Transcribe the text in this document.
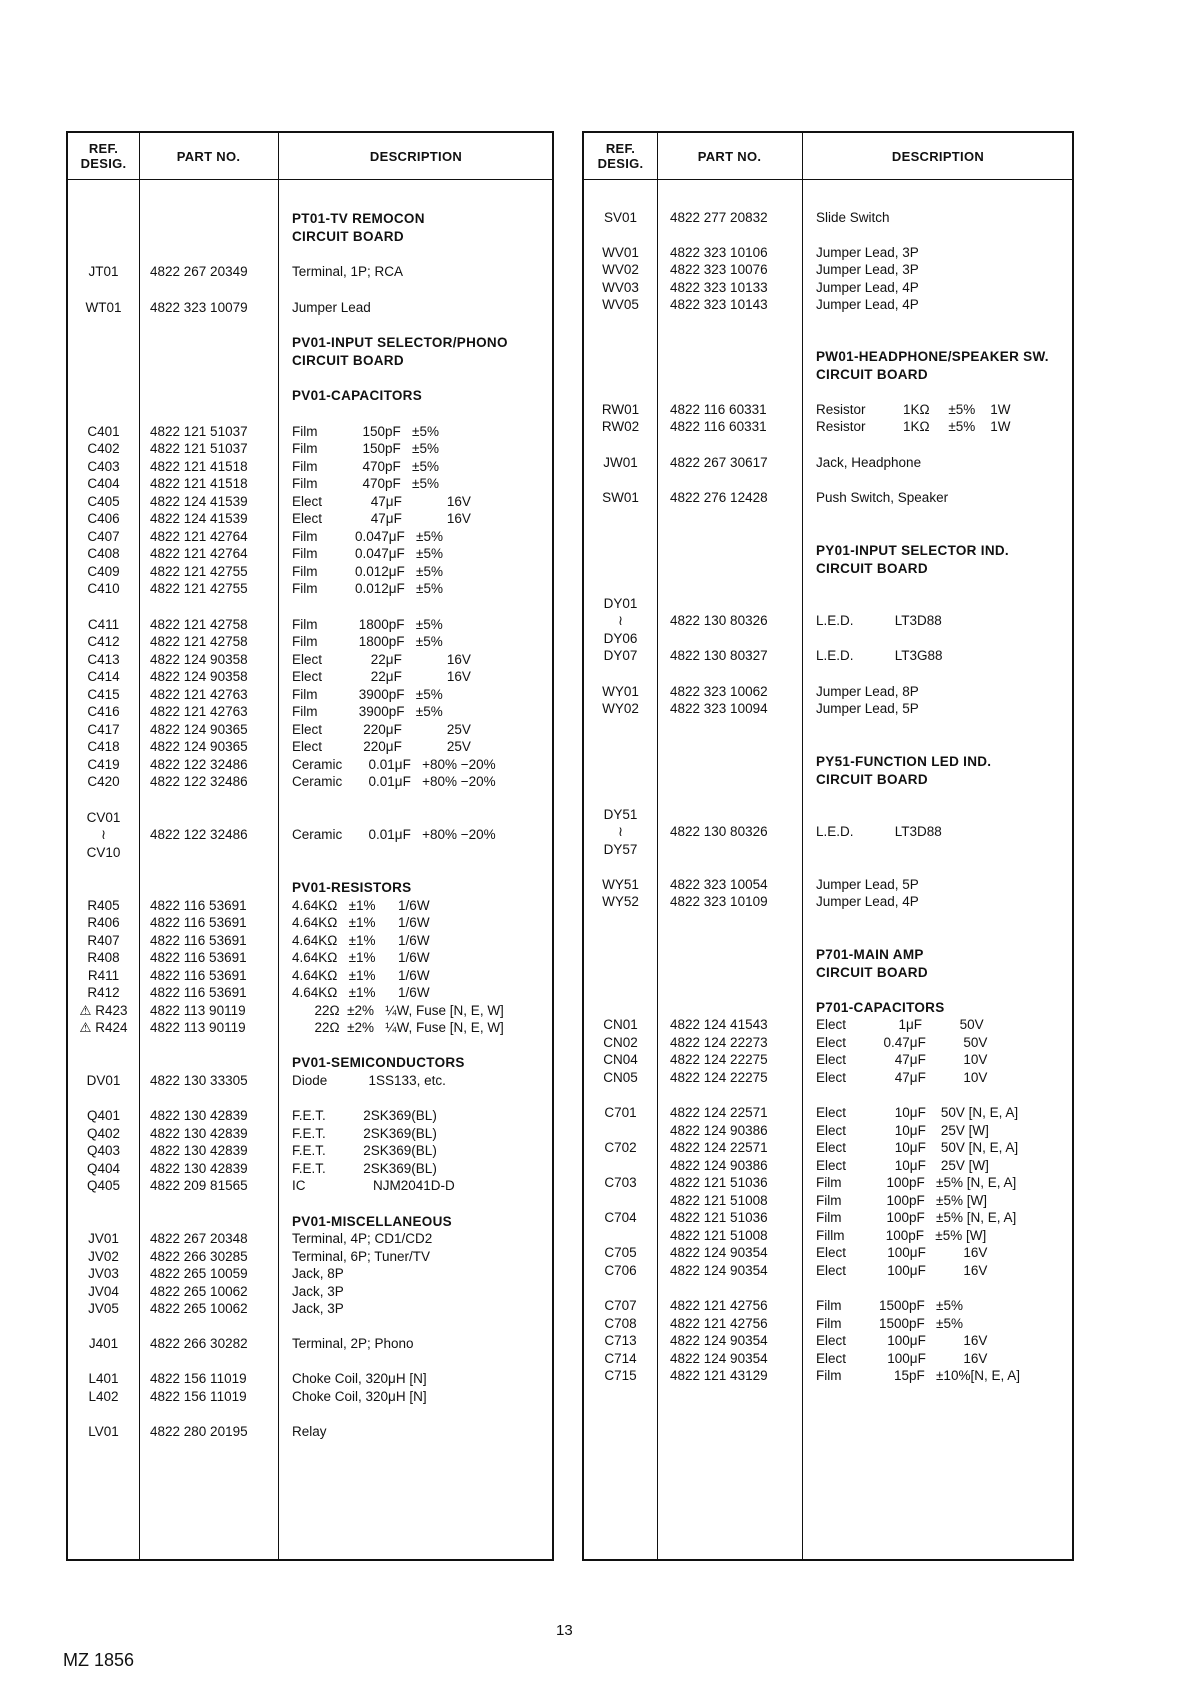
REF.
DESIG.	PART NO.	DESCRIPTION
PT01-TV REMOCON
CIRCUIT BOARD
JT01	4822 267 20349	Terminal, 1P; RCA
WT01	4822 323 10079	Jumper Lead
PV01-INPUT SELECTOR/PHONO
CIRCUIT BOARD
PV01-CAPACITORS
C401	4822 121 51037	Film            150pF   ±5%
C402	4822 121 51037	Film            150pF   ±5%
C403	4822 121 41518	Film            470pF   ±5%
C404	4822 121 41518	Film            470pF   ±5%
C405	4822 124 41539	Elect             47μF            16V
C406	4822 124 41539	Elect             47μF            16V
C407	4822 121 42764	Film          0.047μF   ±5%
C408	4822 121 42764	Film          0.047μF   ±5%
C409	4822 121 42755	Film          0.012μF   ±5%
C410	4822 121 42755	Film          0.012μF   ±5%
C411	4822 121 42758	Film           1800pF   ±5%
C412	4822 121 42758	Film           1800pF   ±5%
C413	4822 124 90358	Elect             22μF            16V
C414	4822 124 90358	Elect             22μF            16V
C415	4822 121 42763	Film           3900pF   ±5%
C416	4822 121 42763	Film           3900pF   ±5%
C417	4822 124 90365	Elect           220μF            25V
C418	4822 124 90365	Elect           220μF            25V
C419	4822 122 32486	Ceramic       0.01μF   +80% −20%
C420	4822 122 32486	Ceramic       0.01μF   +80% −20%
CV01
≀	4822 122 32486	Ceramic       0.01μF   +80% −20%
CV10
PV01-RESISTORS
R405	4822 116 53691	4.64KΩ   ±1%      1/6W
R406	4822 116 53691	4.64KΩ   ±1%      1/6W
R407	4822 116 53691	4.64KΩ   ±1%      1/6W
R408	4822 116 53691	4.64KΩ   ±1%      1/6W
R411	4822 116 53691	4.64KΩ   ±1%      1/6W
R412	4822 116 53691	4.64KΩ   ±1%      1/6W
⚠ R423	4822 113 90119	22Ω  ±2%   ¼W, Fuse [N, E, W]
⚠ R424	4822 113 90119	22Ω  ±2%   ¼W, Fuse [N, E, W]
PV01-SEMICONDUCTORS
DV01	4822 130 33305	Diode           1SS133, etc.
Q401	4822 130 42839	F.E.T.          2SK369(BL)
Q402	4822 130 42839	F.E.T.          2SK369(BL)
Q403	4822 130 42839	F.E.T.          2SK369(BL)
Q404	4822 130 42839	F.E.T.          2SK369(BL)
Q405	4822 209 81565	IC                  NJM2041D-D
PV01-MISCELLANEOUS
JV01	4822 267 20348	Terminal, 4P; CD1/CD2
JV02	4822 266 30285	Terminal, 6P; Tuner/TV
JV03	4822 265 10059	Jack, 8P
JV04	4822 265 10062	Jack, 3P
JV05	4822 265 10062	Jack, 3P
J401	4822 266 30282	Terminal, 2P; Phono
L401	4822 156 11019	Choke Coil, 320μH [N]
L402	4822 156 11019	Choke Coil, 320μH [N]
LV01	4822 280 20195	Relay
REF.
DESIG.	PART NO.	DESCRIPTION
SV01	4822 277 20832	Slide Switch
WV01	4822 323 10106	Jumper Lead, 3P
WV02	4822 323 10076	Jumper Lead, 3P
WV03	4822 323 10133	Jumper Lead, 4P
WV05	4822 323 10143	Jumper Lead, 4P
PW01-HEADPHONE/SPEAKER SW.
CIRCUIT BOARD
RW01	4822 116 60331	Resistor          1KΩ     ±5%    1W
RW02	4822 116 60331	Resistor          1KΩ     ±5%    1W
JW01	4822 267 30617	Jack, Headphone
SW01	4822 276 12428	Push Switch, Speaker
PY01-INPUT SELECTOR IND.
CIRCUIT BOARD
DY01
≀	4822 130 80326	L.E.D.           LT3D88
DY06
DY07	4822 130 80327	L.E.D.           LT3G88
WY01	4822 323 10062	Jumper Lead, 8P
WY02	4822 323 10094	Jumper Lead, 5P
PY51-FUNCTION LED IND.
CIRCUIT BOARD
DY51
≀	4822 130 80326	L.E.D.           LT3D88
DY57
WY51	4822 323 10054	Jumper Lead, 5P
WY52	4822 323 10109	Jumper Lead, 4P
P701-MAIN AMP
CIRCUIT BOARD
P701-CAPACITORS
CN01	4822 124 41543	Elect              1μF          50V
CN02	4822 124 22273	Elect          0.47μF          50V
CN04	4822 124 22275	Elect             47μF          10V
CN05	4822 124 22275	Elect             47μF          10V
C701	4822 124 22571	Elect             10μF    50V [N, E, A]
4822 124 90386	Elect             10μF    25V [W]
C702	4822 124 22571	Elect             10μF    50V [N, E, A]
4822 124 90386	Elect             10μF    25V [W]
C703	4822 121 51036	Film            100pF   ±5% [N, E, A]
4822 121 51008	Film            100pF   ±5% [W]
C704	4822 121 51036	Film            100pF   ±5% [N, E, A]
4822 121 51008	Fillm           100pF   ±5% [W]
C705	4822 124 90354	Elect           100μF          16V
C706	4822 124 90354	Elect           100μF          16V
C707	4822 121 42756	Film          1500pF   ±5%
C708	4822 121 42756	Film          1500pF   ±5%
C713	4822 124 90354	Elect           100μF          16V
C714	4822 124 90354	Elect           100μF          16V
C715	4822 121 43129	Film              15pF   ±10%[N, E, A]
13
MZ 1856
